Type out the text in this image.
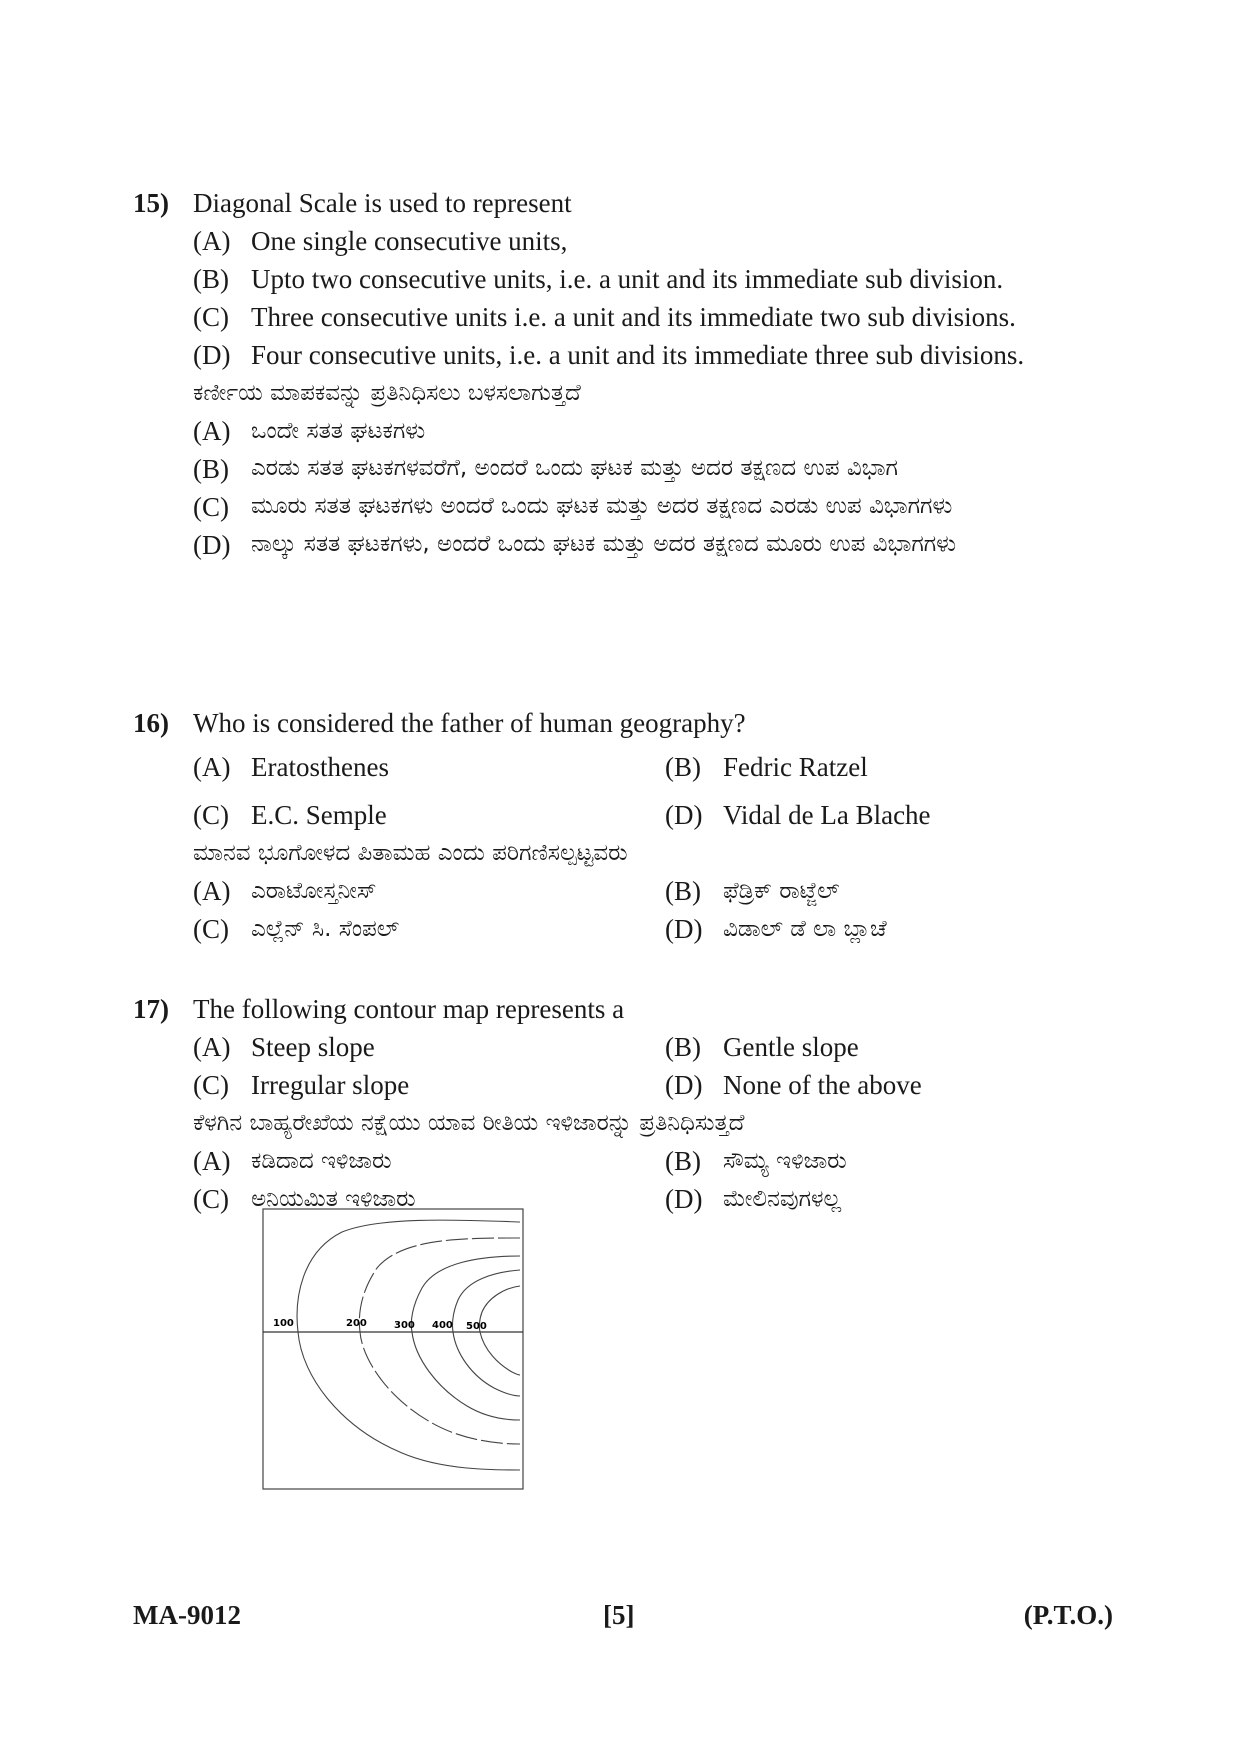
15) Diagonal Scale is used to represent
(A) One single consecutive units,
(B) Upto two consecutive units, i.e. a unit and its immediate sub division.
(C) Three consecutive units i.e. a unit and its immediate two sub divisions.
(D) Four consecutive units, i.e. a unit and its immediate three sub divisions.
ಕರ್ಣೀಯ ಮಾಪಕವನ್ನು ಪ್ರತಿನಿಧಿಸಲು ಬಳಸಲಾಗುತ್ತದೆ
(A) ಒಂದೇ ಸತತ ಘಟಕಗಳು
(B) ಎರಡು ಸತತ ಘಟಕಗಳವರೆಗೆ, ಅಂದರೆ ಒಂದು ಘಟಕ ಮತ್ತು ಅದರ ತಕ್ಷಣದ ಉಪ ವಿಭಾಗ
(C) ಮೂರು ಸತತ ಘಟಕಗಳು ಅಂದರೆ ಒಂದು ಘಟಕ ಮತ್ತು ಅದರ ತಕ್ಷಣದ ಎರಡು ಉಪ ವಿಭಾಗಗಳು
(D) ನಾಲ್ಕು ಸತತ ಘಟಕಗಳು, ಅಂದರೆ ಒಂದು ಘಟಕ ಮತ್ತು ಅದರ ತಕ್ಷಣದ ಮೂರು ಉಪ ವಿಭಾಗಗಳು
16) Who is considered the father of human geography?
(A) Eratosthenes	(B) Fedric Ratzel
(C) E.C. Semple	(D) Vidal de La Blache
ಮಾನವ ಭೂಗೋಳದ ಪಿತಾಮಹ ಎಂದು ಪರಿಗಣಿಸಲ್ಪಟ್ಟವರು
(A) ಎರಾಟೋಸ್ತನೀಸ್	(B) ಫೆಡ್ರಿಕ್ ರಾಟ್ಜೆಲ್
(C) ಎಲ್ಲೆನ್ ಸಿ. ಸೆಂಪಲ್	(D) ವಿಡಾಲ್ ಡೆ ಲಾ ಬ್ಲಾಚೆ
17) The following contour map represents a
(A) Steep slope	(B) Gentle slope
(C) Irregular slope	(D) None of the above
ಕೆಳಗಿನ ಬಾಹ್ಯರೇಖೆಯ ನಕ್ಷೆಯು ಯಾವ ರೀತಿಯ ಇಳಿಜಾರನ್ನು ಪ್ರತಿನಿಧಿಸುತ್ತದೆ
(A) ಕಡಿದಾದ ಇಳಿಜಾರು	(B) ಸೌಮ್ಯ ಇಳಿಜಾರು
(C) ಅನಿಯಮಿತ ಇಳಿಜಾರು	(D) ಮೇಲಿನವುಗಳಲ್ಲ
100	200	300 400 500
MA-9012	[5]	(P.T.O.)
